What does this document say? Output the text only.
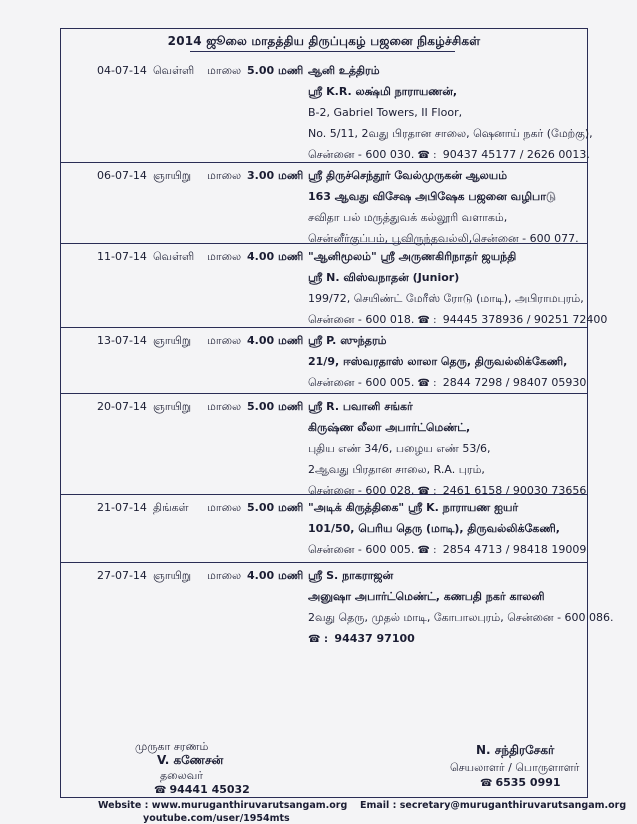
2014 ஜூலை மாதத்திய திருப்புகழ் பஜனை நிகழ்ச்சிகள்
04-07-14 வெள்ளி மாலை 5.00 மணி ஆனி உத்திரம்
ஸ்ரீ K.R. லக்ஷ்மி நாராயணன்,
B-2, Gabriel Towers, II Floor,
No. 5/11, 2வது பிரதான சாலை, ஷெனாய் நகர் (மேற்கு),
சென்னை - 600 030. ☎ : 90437 45177 / 2626 0013.
06-07-14 ஞாயிறு மாலை 3.00 மணி ஸ்ரீ திருச்செந்தூர் வேல்முருகன் ஆலயம்
163 ஆவது விசேஷ அபிஷேக பஜனை வழிபாடு
சவிதா பல் மருத்துவக் கல்லூரி வளாகம்,
சென்னீர்குப்பம், பூவிருந்தவல்லி,சென்னை - 600 077.
11-07-14 வெள்ளி மாலை 4.00 மணி "ஆனிமூலம்" ஸ்ரீ அருணகிரிநாதர் ஜயந்தி
ஸ்ரீ N. விஸ்வநாதன் (Junior)
199/72, செயிண்ட் மேரீஸ் ரோடு (மாடி), அபிராமபுரம்,
சென்னை - 600 018. ☎ : 94445 378936 / 90251 72400
13-07-14 ஞாயிறு மாலை 4.00 மணி ஸ்ரீ P. ஸுந்தரம்
21/9, ஈஸ்வரதாஸ் லாலா தெரு, திருவல்லிக்கேணி,
சென்னை - 600 005. ☎ : 2844 7298 / 98407 05930
20-07-14 ஞாயிறு மாலை 5.00 மணி ஸ்ரீ R. பவானி சங்கர்
கிருஷ்ண லீலா அபார்ட்மெண்ட்,
புதிய எண் 34/6, பழைய எண் 53/6,
2ஆவது பிரதான சாலை, R.A. புரம்,
சென்னை - 600 028. ☎ : 2461 6158 / 90030 73656
21-07-14 திங்கள் மாலை 5.00 மணி "அடிக் கிருத்திகை" ஸ்ரீ K. நாராயண ஐயர்
101/50, பெரிய தெரு (மாடி), திருவல்லிக்கேணி,
சென்னை - 600 005. ☎ : 2854 4713 / 98418 19009
27-07-14 ஞாயிறு மாலை 4.00 மணி ஸ்ரீ S. நாகராஜன்
அனுஷா அபார்ட்மெண்ட், கணபதி நகர் காலனி
2வது தெரு, முதல் மாடி, கோபாலபுரம், சென்னை - 600 086.
☎ : 94437 97100
முருகா சரணம்
V. கணேசன்
தலைவர்
☎ 94441 45032
N. சந்திரசேகர்
செயலாளர் / பொருளாளர்
☎ 6535 0991
Website : www.muruganthiruvarutsangam.org
youtube.com/user/1954mts
Email : secretary@muruganthiruvarutsangam.org
